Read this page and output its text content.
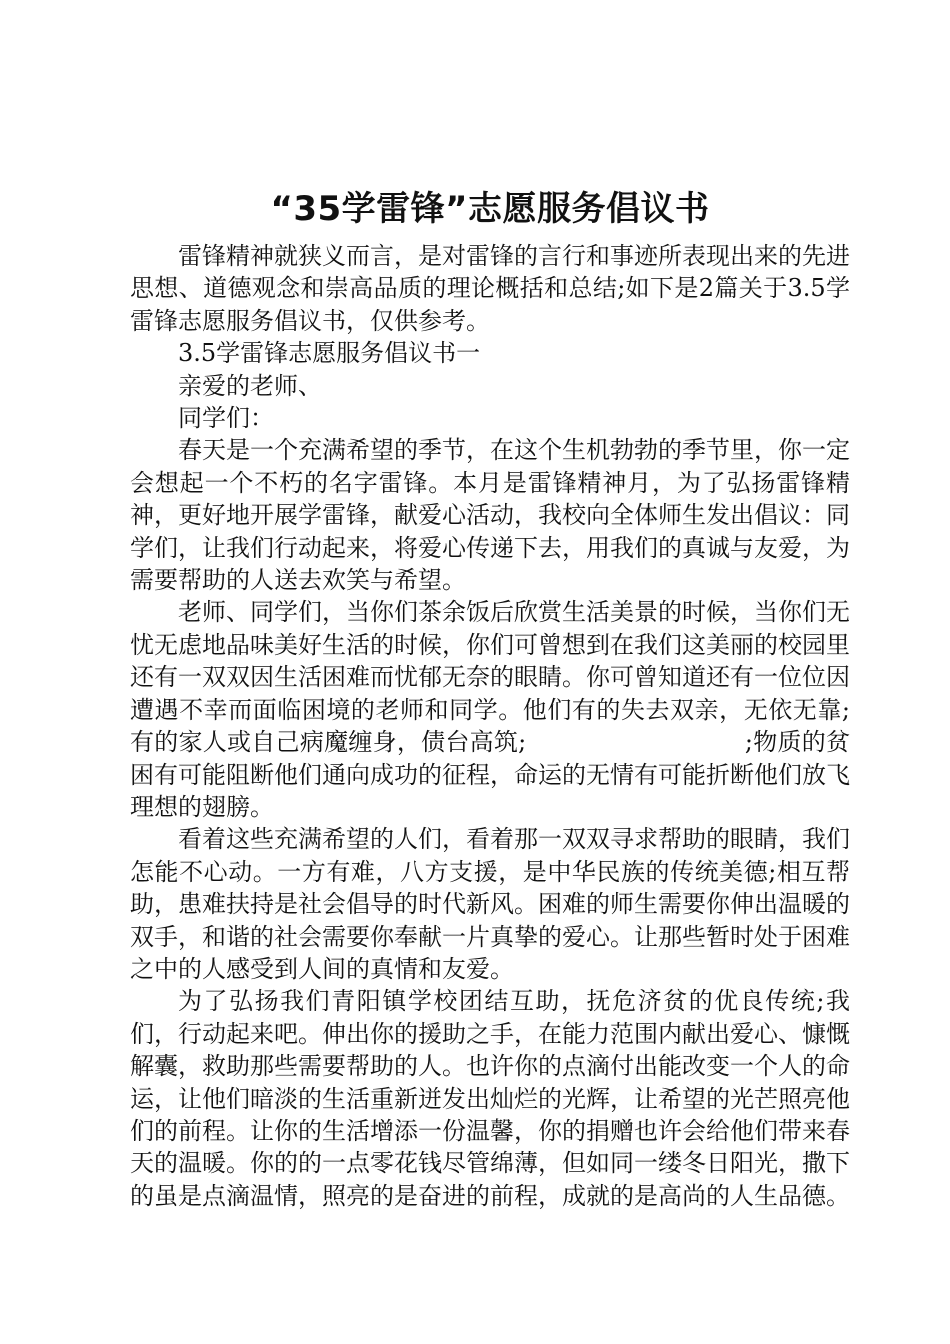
“35学雷锋”志愿服务倡议书

雷锋精神就狭义而言，是对雷锋的言行和事迹所表现出来的先进思想、道德观念和崇高品质的理论概括和总结;如下是2篇关于3.5学雷锋志愿服务倡议书，仅供参考。

3.5学雷锋志愿服务倡议书一

亲爱的老师、

同学们：

春天是一个充满希望的季节，在这个生机勃勃的季节里，你一定会想起一个不朽的名字雷锋。本月是雷锋精神月，为了弘扬雷锋精神，更好地开展学雷锋，献爱心活动，我校向全体师生发出倡议：同学们，让我们行动起来，将爱心传递下去，用我们的真诚与友爱，为需要帮助的人送去欢笑与希望。

老师、同学们，当你们茶余饭后欣赏生活美景的时候，当你们无忧无虑地品味美好生活的时候，你们可曾想到在我们这美丽的校园里还有一双双因生活困难而忧郁无奈的眼睛。你可曾知道还有一位位因遭遇不幸而面临困境的老师和同学。他们有的失去双亲，无依无靠;有的家人或自己病魔缠身，债台高筑;　　　　　　　　　;物质的贫困有可能阻断他们通向成功的征程，命运的无情有可能折断他们放飞理想的翅膀。

看着这些充满希望的人们，看着那一双双寻求帮助的眼睛，我们怎能不心动。一方有难，八方支援，是中华民族的传统美德;相互帮助，患难扶持是社会倡导的时代新风。困难的师生需要你伸出温暖的双手，和谐的社会需要你奉献一片真挚的爱心。让那些暂时处于困难之中的人感受到人间的真情和友爱。

为了弘扬我们青阳镇学校团结互助，抚危济贫的优良传统;我们，行动起来吧。伸出你的援助之手，在能力范围内献出爱心、慷慨解囊，救助那些需要帮助的人。也许你的点滴付出能改变一个人的命运，让他们暗淡的生活重新迸发出灿烂的光辉，让希望的光芒照亮他们的前程。让你的生活增添一份温馨，你的捐赠也许会给他们带来春天的温暖。你的的一点零花钱尽管绵薄，但如同一缕冬日阳光，撒下的虽是点滴温情，照亮的是奋进的前程，成就的是高尚的人生品德。
